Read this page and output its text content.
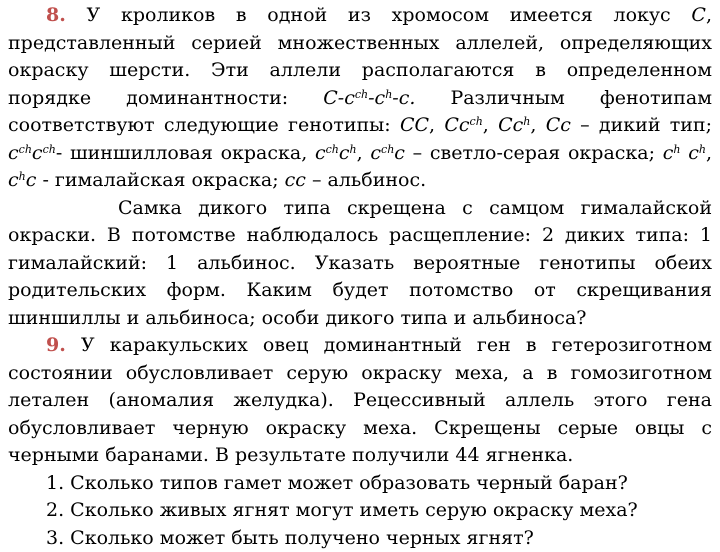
8. У кроликов в одной из хромосом имеется локус С, представленный серией множественных аллелей, определяющих окраску шерсти. Эти аллели располагаются в определенном порядке доминантности: $С-с^{ch}-с^h-с$. Различным фенотипам соответствуют следующие генотипы: СС, $Сс^{ch}$, $Сс^h$, Сс – дикий тип; $с^{ch}с^{ch}-$ шиншилловая окраска, $с^{ch}с^h$, $с^{ch}с$ – светло-серая окраска; $с^h$ $с^h$, $с^hс$ - гималайская окраска; сс – альбинос.

Самка дикого типа скрещена с самцом гималайской окраски. В потомстве наблюдалось расщепление: 2 диких типа: 1 гималайский: 1 альбинос. Указать вероятные генотипы обеих родительских форм. Каким будет потомство от скрещивания шиншиллы и альбиноса; особи дикого типа и альбиноса?

9. У каракульских овец доминантный ген в гетерозиготном состоянии обусловливает серую окраску меха, а в гомозиготном летален (аномалия желудка). Рецессивный аллель этого гена обусловливает черную окраску меха. Скрещены серые овцы с черными баранами. В результате получили 44 ягненка.

1. Сколько типов гамет может образовать черный баран?

2. Сколько живых ягнят могут иметь серую окраску меха?

3. Сколько может быть получено черных ягнят?
